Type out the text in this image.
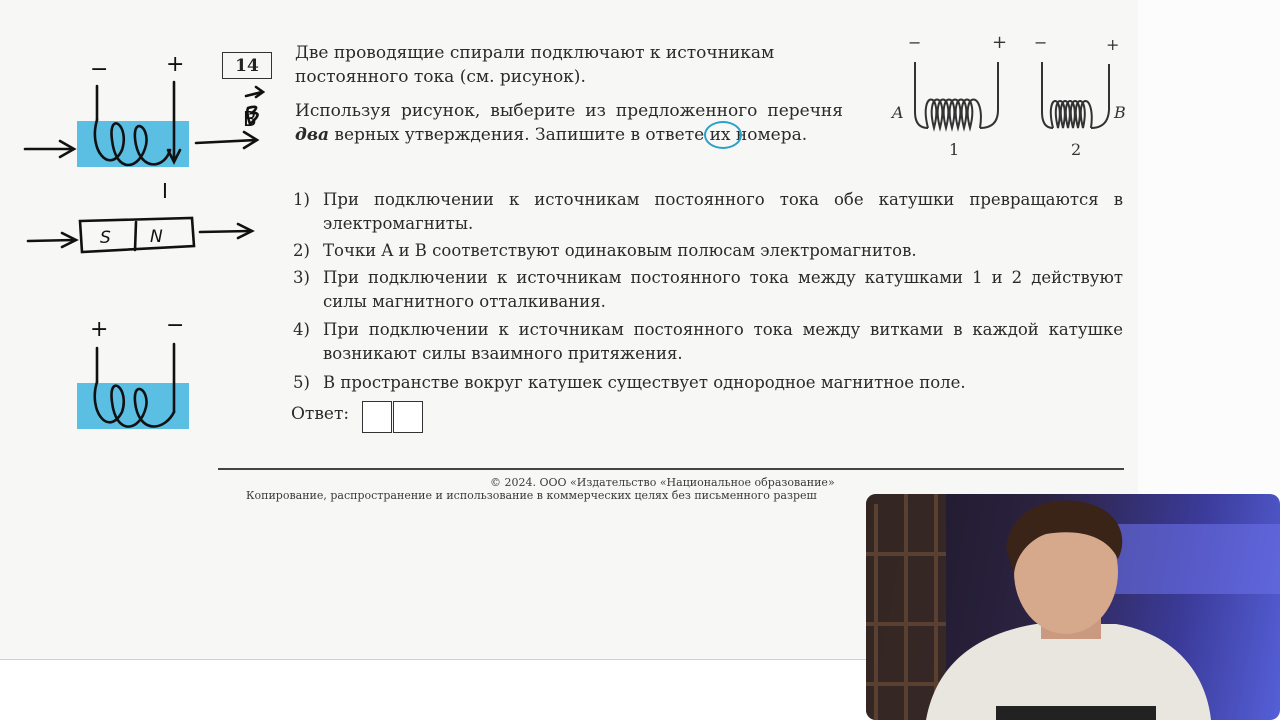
14

Две проводящие спирали подключают к источникам
постоянного тока (см. рисунок).

Используя рисунок, выберите из предложенного перечня два верных утверждения. Запишите в ответе их номера.

1) При подключении к источникам постоянного тока обе катушки превращаются в электромагниты.

2) Точки A и B соответствуют одинаковым полюсам электромагнитов.

3) При подключении к источникам постоянного тока между катушками 1 и 2 действуют силы магнитного отталкивания.

4) При подключении к источникам постоянного тока между витками в каждой катушке возникают силы взаимного притяжения.

5) В пространстве вокруг катушек существует однородное магнитное поле.

Ответ:
© 2024. ООО «Издательство «Национальное образование»
Копирование, распространение и использование в коммерческих целях без письменного разреш
−	+
A
1
−	+
B
2
−	+
B
I
S N
+	−
